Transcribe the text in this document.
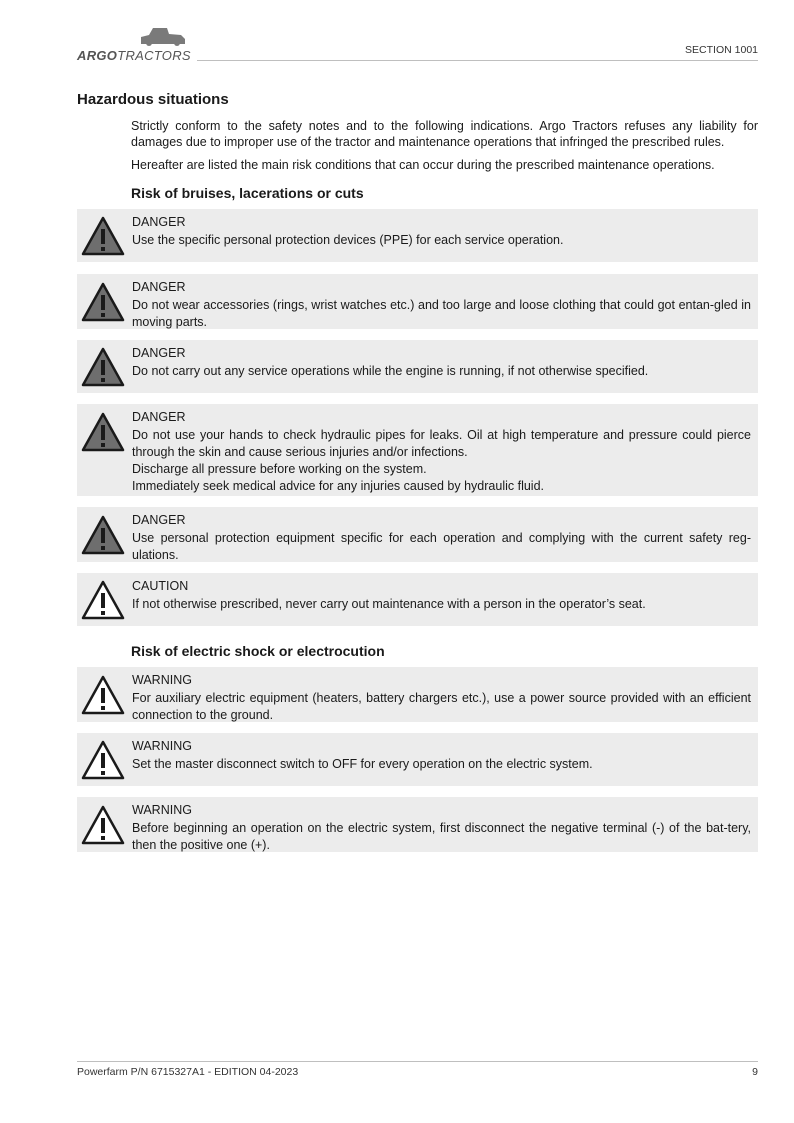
ARGOTRACTORS	SECTION 1001
Hazardous situations

Strictly conform to the safety notes and to the following indications. Argo Tractors refuses any liability for damages due to improper use of the tractor and maintenance operations that infringed the prescribed rules.

Hereafter are listed the main risk conditions that can occur during the prescribed maintenance operations.

Risk of bruises, lacerations or cuts
DANGER

Use the specific personal protection devices (PPE) for each service operation.

DANGER

Do not wear accessories (rings, wrist watches etc.) and too large and loose clothing that could got entan-gled in moving parts.

DANGER

Do not carry out any service operations while the engine is running, if not otherwise specified.

DANGER

Do not use your hands to check hydraulic pipes for leaks. Oil at high temperature and pressure could pierce through the skin and cause serious injuries and/or infections.

Discharge all pressure before working on the system.

Immediately seek medical advice for any injuries caused by hydraulic fluid.

DANGER

Use personal protection equipment specific for each operation and complying with the current safety reg-ulations.

CAUTION

If not otherwise prescribed, never carry out maintenance with a person in the operator’s seat.

Risk of electric shock or electrocution
WARNING

For auxiliary electric equipment (heaters, battery chargers etc.), use a power source provided with an efficient connection to the ground.

WARNING

Set the master disconnect switch to OFF for every operation on the electric system.

WARNING

Before beginning an operation on the electric system, first disconnect the negative terminal (-) of the bat-tery, then the positive one (+).

Powerfarm P/N 6715327A1 - EDITION 04-2023	9
